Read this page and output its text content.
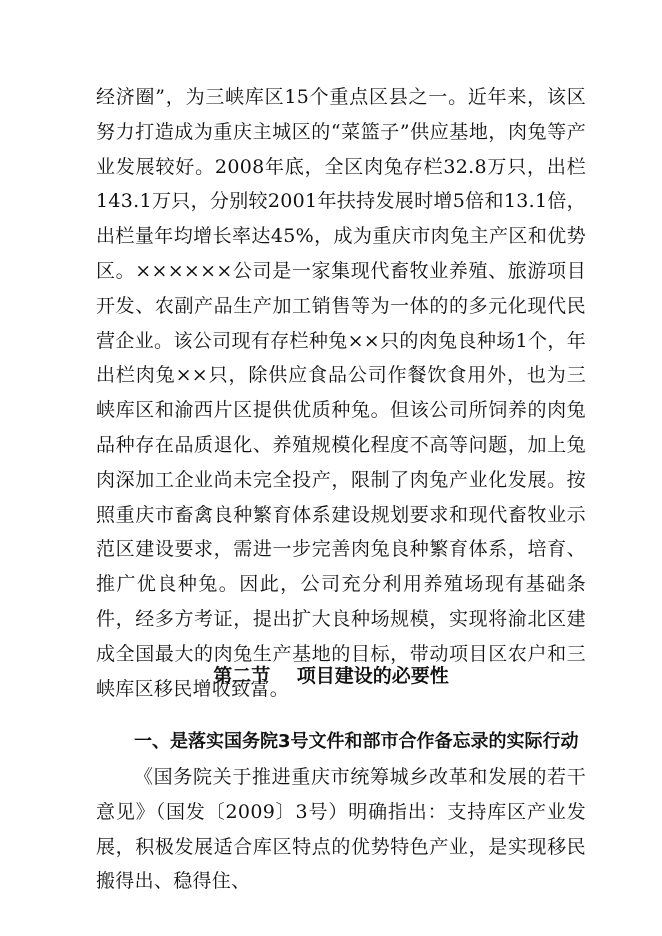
经济圈”，为三峡库区15个重点区县之一。近年来，该区努力打造成为重庆主城区的“菜篮子”供应基地，肉兔等产业发展较好。2008年底，全区肉兔存栏32.8万只，出栏143.1万只，分别较2001年扶持发展时增5倍和13.1倍，出栏量年均增长率达45%，成为重庆市肉兔主产区和优势区。××××××公司是一家集现代畜牧业养殖、旅游项目开发、农副产品生产加工销售等为一体的的多元化现代民营企业。该公司现有存栏种兔××只的肉兔良种场1个，年出栏肉兔××只，除供应食品公司作餐饮食用外，也为三峡库区和渝西片区提供优质种兔。但该公司所饲养的肉兔品种存在品质退化、养殖规模化程度不高等问题，加上兔肉深加工企业尚未完全投产，限制了肉兔产业化发展。按照重庆市畜禽良种繁育体系建设规划要求和现代畜牧业示范区建设要求，需进一步完善肉兔良种繁育体系，培育、推广优良种兔。因此，公司充分利用养殖场现有基础条件，经多方考证，提出扩大良种场规模，实现将渝北区建成全国最大的肉兔生产基地的目标，带动项目区农户和三峡库区移民增收致富。

第二节    项目建设的必要性
一、是落实国务院3号文件和部市合作备忘录的实际行动

《国务院关于推进重庆市统筹城乡改革和发展的若干意见》（国发〔2009〕3号）明确指出：支持库区产业发展，积极发展适合库区特点的优势特色产业，是实现移民搬得出、稳得住、
